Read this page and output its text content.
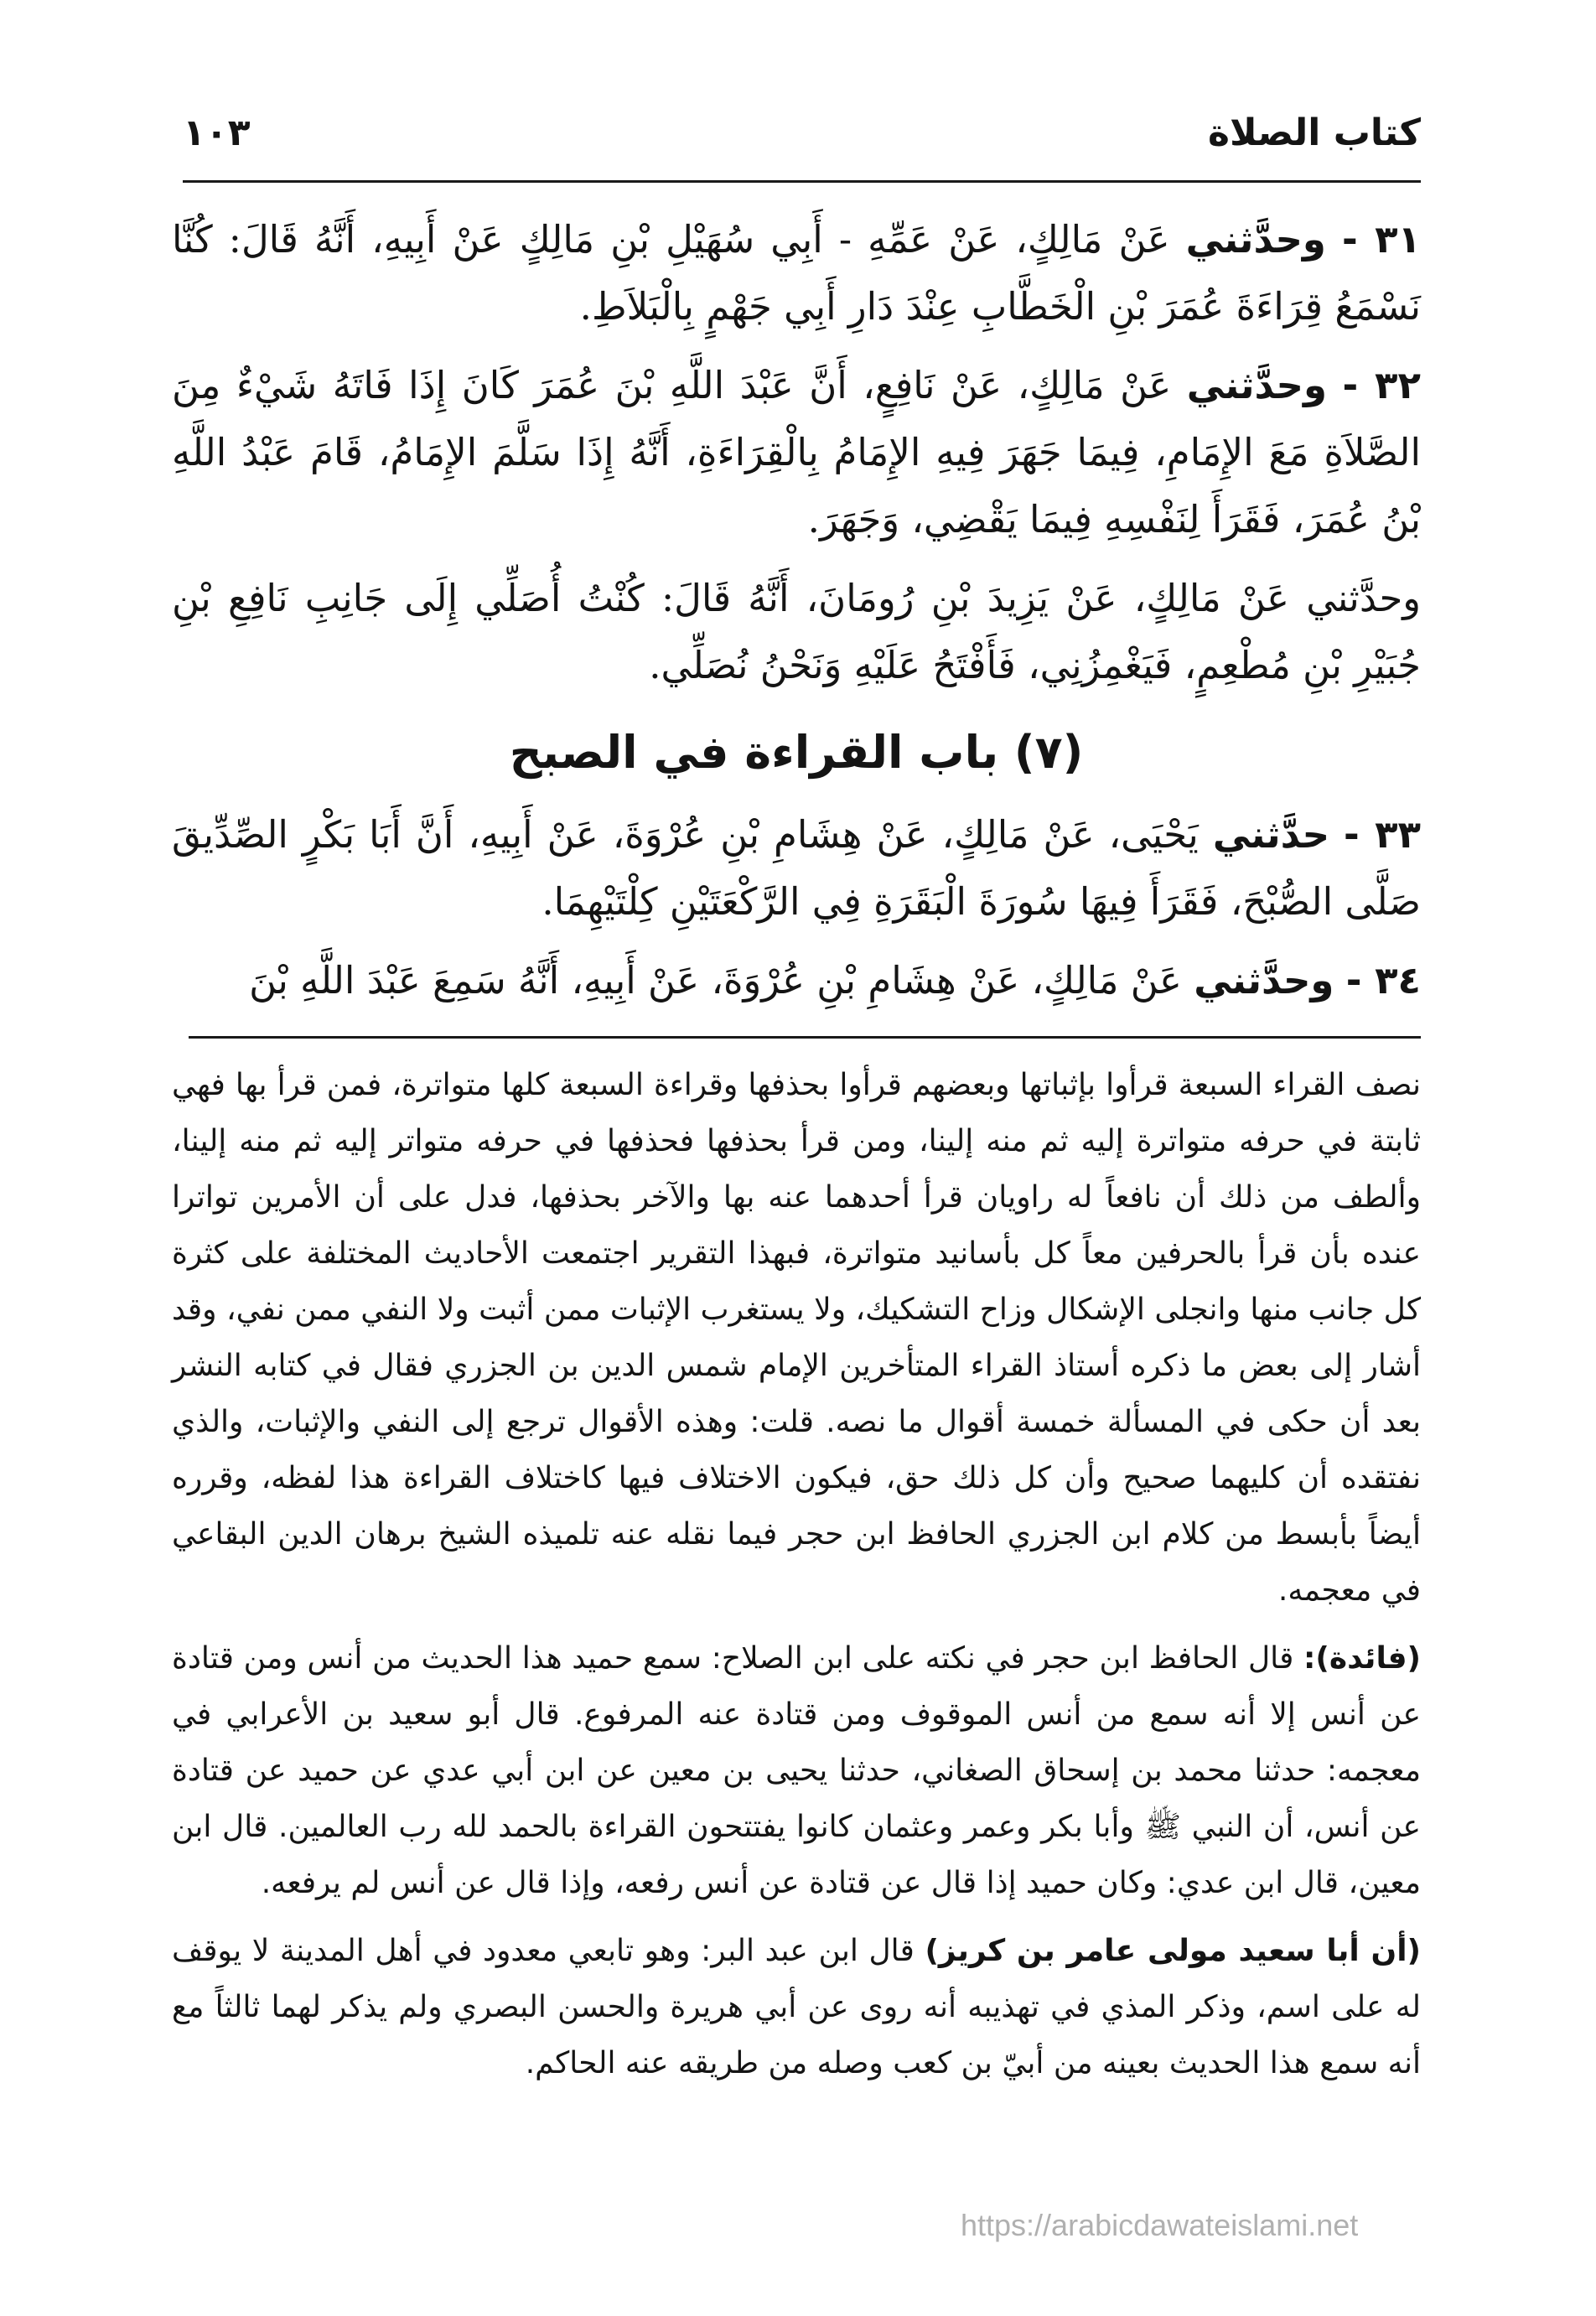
كتاب الصلاة
١٠٣

٣١ - وحدَّثني عَنْ مَالِكٍ، عَنْ عَمِّهِ - أَبِي سُهَيْلِ بْنِ مَالِكٍ عَنْ أَبِيهِ، أَنَّهُ قَالَ: كُنَّا نَسْمَعُ قِرَاءَةَ عُمَرَ بْنِ الْخَطَّابِ عِنْدَ دَارِ أَبِي جَهْمٍ بِالْبَلاَطِ.

٣٢ - وحدَّثني عَنْ مَالِكٍ، عَنْ نَافِعٍ، أَنَّ عَبْدَ اللَّهِ بْنَ عُمَرَ كَانَ إِذَا فَاتَهُ شَيْءٌ مِنَ الصَّلاَةِ مَعَ الإِمَامِ، فِيمَا جَهَرَ فِيهِ الإِمَامُ بِالْقِرَاءَةِ، أَنَّهُ إِذَا سَلَّمَ الإِمَامُ، قَامَ عَبْدُ اللَّهِ بْنُ عُمَرَ، فَقَرَأَ لِنَفْسِهِ فِيمَا يَقْضِي، وَجَهَرَ.

وحدَّثني عَنْ مَالِكٍ، عَنْ يَزِيدَ بْنِ رُومَانَ، أَنَّهُ قَالَ: كُنْتُ أُصَلِّي إِلَى جَانِبِ نَافِعِ بْنِ جُبَيْرِ بْنِ مُطْعِمٍ، فَيَغْمِزُنِي، فَأَفْتَحُ عَلَيْهِ وَنَحْنُ نُصَلِّي.

(٧) باب القراءة في الصبح

٣٣ - حدَّثني يَحْيَى، عَنْ مَالِكٍ، عَنْ هِشَامِ بْنِ عُرْوَةَ، عَنْ أَبِيهِ، أَنَّ أَبَا بَكْرٍ الصِّدِّيقَ صَلَّى الصُّبْحَ، فَقَرَأَ فِيهَا سُورَةَ الْبَقَرَةِ فِي الرَّكْعَتَيْنِ كِلْتَيْهِمَا.

٣٤ - وحدَّثني عَنْ مَالِكٍ، عَنْ هِشَامِ بْنِ عُرْوَةَ، عَنْ أَبِيهِ، أَنَّهُ سَمِعَ عَبْدَ اللَّهِ بْنَ

نصف القراء السبعة قرأوا بإثباتها وبعضهم قرأوا بحذفها وقراءة السبعة كلها متواترة، فمن قرأ بها فهي ثابتة في حرفه متواترة إليه ثم منه إلينا، ومن قرأ بحذفها فحذفها في حرفه متواتر إليه ثم منه إلينا، وألطف من ذلك أن نافعاً له راويان قرأ أحدهما عنه بها والآخر بحذفها، فدل على أن الأمرين تواترا عنده بأن قرأ بالحرفين معاً كل بأسانيد متواترة، فبهذا التقرير اجتمعت الأحاديث المختلفة على كثرة كل جانب منها وانجلى الإشكال وزاح التشكيك، ولا يستغرب الإثبات ممن أثبت ولا النفي ممن نفي، وقد أشار إلى بعض ما ذكره أستاذ القراء المتأخرين الإمام شمس الدين بن الجزري فقال في كتابه النشر بعد أن حكى في المسألة خمسة أقوال ما نصه. قلت: وهذه الأقوال ترجع إلى النفي والإثبات، والذي نفتقده أن كليهما صحيح وأن كل ذلك حق، فيكون الاختلاف فيها كاختلاف القراءة هذا لفظه، وقرره أيضاً بأبسط من كلام ابن الجزري الحافظ ابن حجر فيما نقله عنه تلميذه الشيخ برهان الدين البقاعي في معجمه.

(فائدة): قال الحافظ ابن حجر في نكته على ابن الصلاح: سمع حميد هذا الحديث من أنس ومن قتادة عن أنس إلا أنه سمع من أنس الموقوف ومن قتادة عنه المرفوع. قال أبو سعيد بن الأعرابي في معجمه: حدثنا محمد بن إسحاق الصغاني، حدثنا يحيى بن معين عن ابن أبي عدي عن حميد عن قتادة عن أنس، أن النبي ﷺ وأبا بكر وعمر وعثمان كانوا يفتتحون القراءة بالحمد لله رب العالمين. قال ابن معين، قال ابن عدي: وكان حميد إذا قال عن قتادة عن أنس رفعه، وإذا قال عن أنس لم يرفعه.

(أن أبا سعيد مولى عامر بن كريز) قال ابن عبد البر: وهو تابعي معدود في أهل المدينة لا يوقف له على اسم، وذكر المذي في تهذيبه أنه روى عن أبي هريرة والحسن البصري ولم يذكر لهما ثالثاً مع أنه سمع هذا الحديث بعينه من أبيّ بن كعب وصله من طريقه عنه الحاكم.

https://arabicdawateislami.net
